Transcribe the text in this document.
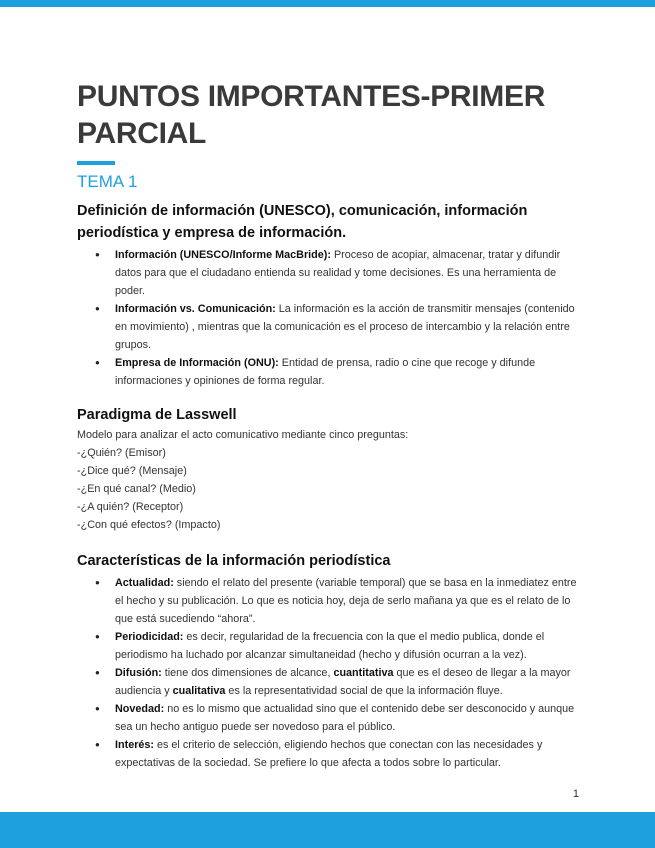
PUNTOS IMPORTANTES-PRIMER PARCIAL
TEMA 1
Definición de información (UNESCO), comunicación, información periodística y empresa de información.
● Información (UNESCO/Informe MacBride): Proceso de acopiar, almacenar, tratar y difundir datos para que el ciudadano entienda su realidad y tome decisiones. Es una herramienta de poder.
● Información vs. Comunicación: La información es la acción de transmitir mensajes (contenido en movimiento) , mientras que la comunicación es el proceso de intercambio y la relación entre grupos.
● Empresa de Información (ONU): Entidad de prensa, radio o cine que recoge y difunde informaciones y opiniones de forma regular.
Paradigma de Lasswell
Modelo para analizar el acto comunicativo mediante cinco preguntas:
-¿Quién? (Emisor)
-¿Dice qué? (Mensaje)
-¿En qué canal? (Medio)
-¿A quién? (Receptor)
-¿Con qué efectos? (Impacto)
Características de la información periodística
● Actualidad: siendo el relato del presente (variable temporal) que se basa en la inmediatez entre el hecho y su publicación. Lo que es noticia hoy, deja de serlo mañana ya que es el relato de lo que está sucediendo “ahora”.
● Periodicidad: es decir, regularidad de la frecuencia con la que el medio publica, donde el periodismo ha luchado por alcanzar simultaneidad (hecho y difusión ocurran a la vez).
● Difusión: tiene dos dimensiones de alcance, cuantitativa que es el deseo de llegar a la mayor audiencia y cualitativa es la representatividad social de que la información fluye.
● Novedad: no es lo mismo que actualidad sino que el contenido debe ser desconocido y aunque sea un hecho antiguo puede ser novedoso para el público.
● Interés: es el criterio de selección, eligiendo hechos que conectan con las necesidades y expectativas de la sociedad. Se prefiere lo que afecta a todos sobre lo particular.
1
